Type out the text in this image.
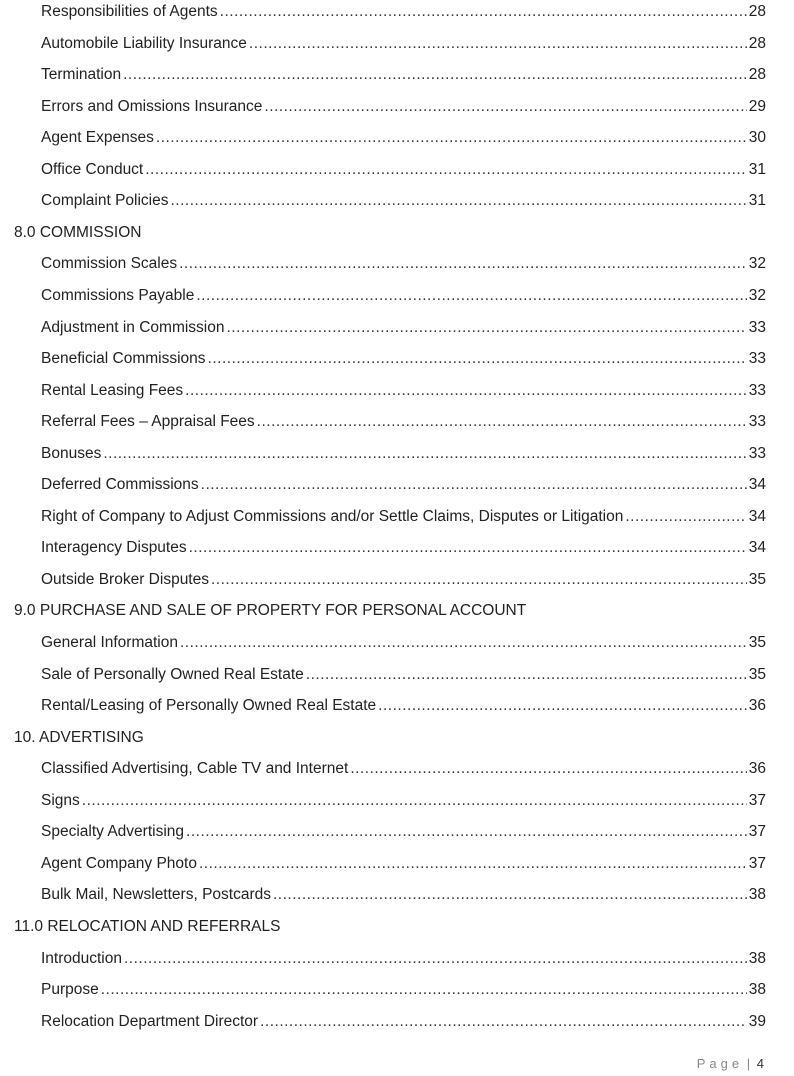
Responsibilities of Agents .....	28
Automobile Liability Insurance .....	28
Termination .....	28
Errors and Omissions Insurance .....	29
Agent Expenses .....	30
Office Conduct .....	31
Complaint Policies .....	31
8.0 COMMISSION
Commission Scales .....	32
Commissions Payable .....	32
Adjustment in Commission .....	33
Beneficial Commissions .....	33
Rental Leasing Fees .....	33
Referral Fees – Appraisal Fees .....	33
Bonuses .....	33
Deferred Commissions .....	34
Right of Company to Adjust Commissions and/or Settle Claims, Disputes or Litigation .....	34
Interagency Disputes .....	34
Outside Broker Disputes .....	35
9.0 PURCHASE AND SALE OF PROPERTY FOR PERSONAL ACCOUNT
General Information .....	35
Sale of Personally Owned Real Estate .....	35
Rental/Leasing of Personally Owned Real Estate .....	36
10. ADVERTISING
Classified Advertising, Cable TV and Internet .....	36
Signs .....	37
Specialty Advertising .....	37
Agent Company Photo .....	37
Bulk Mail, Newsletters, Postcards .....	38
11.0 RELOCATION AND REFERRALS
Introduction .....	38
Purpose .....	38
Relocation Department Director .....	39
Page | 4
